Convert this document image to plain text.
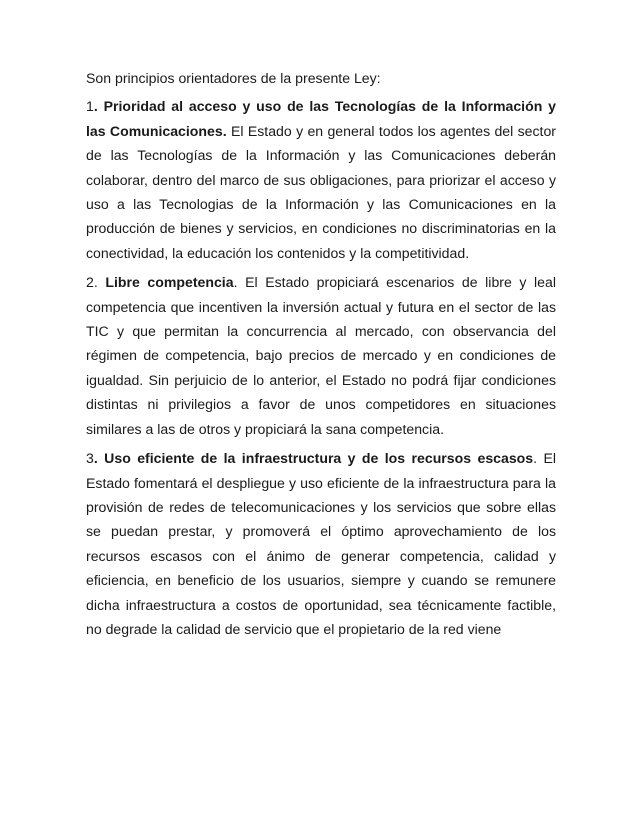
Son principios orientadores de la presente Ley:

1. Prioridad al acceso y uso de las Tecnologías de la Información y las Comunicaciones. El Estado y en general todos los agentes del sector de las Tecnologías de la Información y las Comunicaciones deberán colaborar, dentro del marco de sus obligaciones, para priorizar el acceso y uso a las Tecnologias de la Información y las Comunicaciones en la producción de bienes y servicios, en condiciones no discriminatorias en la conectividad, la educación los contenidos y la competitividad.

2. Libre competencia. El Estado propiciará escenarios de libre y leal competencia que incentiven la inversión actual y futura en el sector de las TIC y que permitan la concurrencia al mercado, con observancia del régimen de competencia, bajo precios de mercado y en condiciones de igualdad. Sin perjuicio de lo anterior, el Estado no podrá fijar condiciones distintas ni privilegios a favor de unos competidores en situaciones similares a las de otros y propiciará la sana competencia.

3. Uso eficiente de la infraestructura y de los recursos escasos. El Estado fomentará el despliegue y uso eficiente de la infraestructura para la provisión de redes de telecomunicaciones y los servicios que sobre ellas se puedan prestar, y promoverá el óptimo aprovechamiento de los recursos escasos con el ánimo de generar competencia, calidad y eficiencia, en beneficio de los usuarios, siempre y cuando se remunere dicha infraestructura a costos de oportunidad, sea técnicamente factible, no degrade la calidad de servicio que el propietario de la red viene
